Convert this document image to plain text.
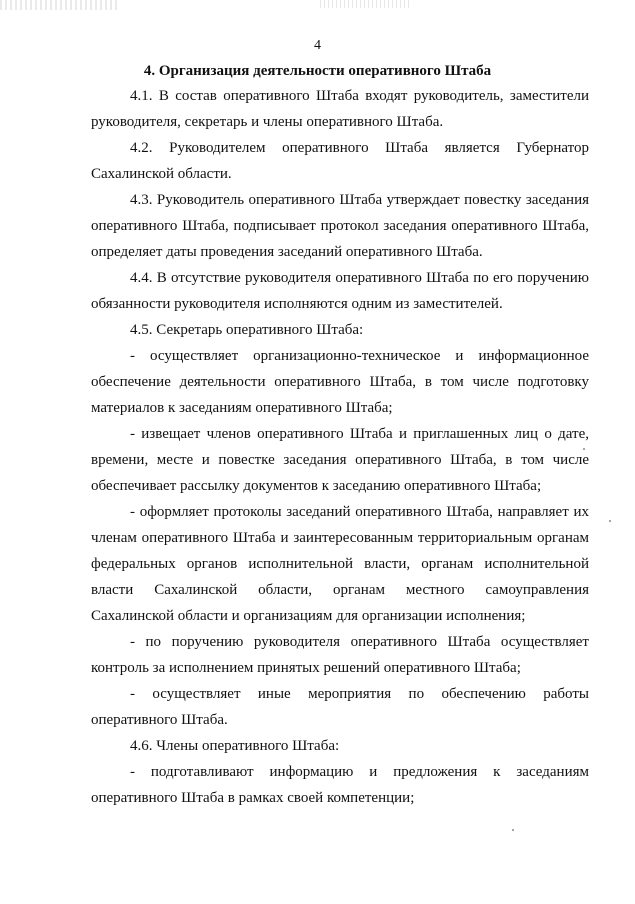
4
4. Организация деятельности оперативного Штаба

4.1. В состав оперативного Штаба входят руководитель, заместители руководителя, секретарь и члены оперативного Штаба.

4.2. Руководителем оперативного Штаба является Губернатор Сахалинской области.

4.3. Руководитель оперативного Штаба утверждает повестку заседания оперативного Штаба, подписывает протокол заседания оперативного Штаба, определяет даты проведения заседаний оперативного Штаба.

4.4. В отсутствие руководителя оперативного Штаба по его поручению обязанности руководителя исполняются одним из заместителей.

4.5. Секретарь оперативного Штаба:

- осуществляет организационно-техническое и информационное обеспечение деятельности оперативного Штаба, в том числе подготовку материалов к заседаниям оперативного Штаба;

- извещает членов оперативного Штаба и приглашенных лиц о дате, времени, месте и повестке заседания оперативного Штаба, в том числе обеспечивает рассылку документов к заседанию оперативного Штаба;

- оформляет протоколы заседаний оперативного Штаба, направляет их членам оперативного Штаба и заинтересованным территориальным органам федеральных органов исполнительной власти, органам исполнительной власти Сахалинской области, органам местного самоуправления Сахалинской области и организациям для организации исполнения;

- по поручению руководителя оперативного Штаба осуществляет контроль за исполнением принятых решений оперативного Штаба;

- осуществляет иные мероприятия по обеспечению работы оперативного Штаба.

4.6. Члены оперативного Штаба:

- подготавливают информацию и предложения к заседаниям оперативного Штаба в рамках своей компетенции;
